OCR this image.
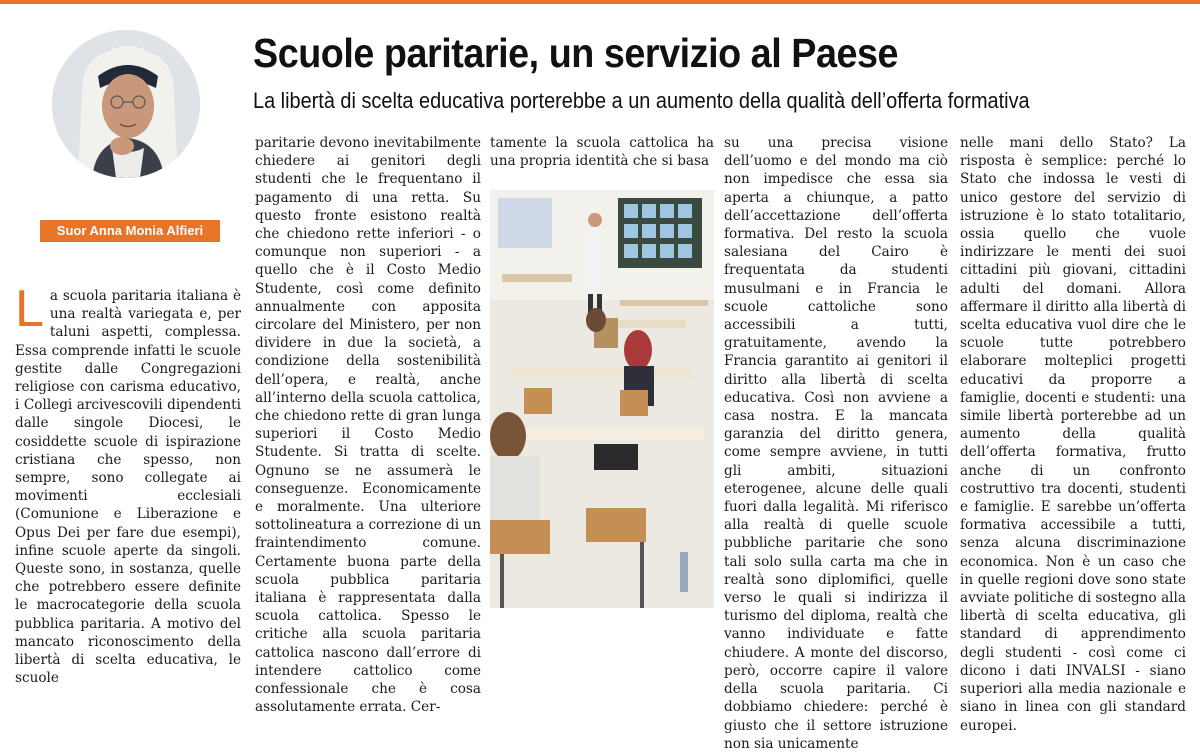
Suor Anna Monia Alfieri
Scuole paritarie, un servizio al Paese
La libertà di scelta educativa porterebbe a un aumento della qualità dell’offerta formativa
L a scuola paritaria italiana è una realtà variegata e, per taluni aspetti, complessa. Essa comprende infatti le scuole gestite dalle Congregazioni religiose con carisma educativo, i Collegi arcivescovili dipendenti dalle singole Diocesi, le cosiddette scuole di ispirazione cristiana che spesso, non sempre, sono collegate ai movimenti ecclesiali (Comunione e Liberazione e Opus Dei per fare due esempi), infine scuole aperte da singoli. Queste sono, in sostanza, quelle che potrebbero essere definite le macrocategorie della scuola pubblica paritaria. A motivo del mancato riconoscimento della libertà di scelta educativa, le scuole

paritarie devono inevitabilmente chiedere ai genitori degli studenti che le frequentano il pagamento di una retta. Su questo fronte esistono realtà che chiedono rette inferiori - o comunque non superiori - a quello che è il Costo Medio Studente, così come definito annualmente con apposita circolare del Ministero, per non dividere in due la società, a condizione della sostenibilità dell’opera, e realtà, anche all’interno della scuola cattolica, che chiedono rette di gran lunga superiori il Costo Medio Studente. Si tratta di scelte. Ognuno se ne assumerà le conseguenze. Economicamente e moralmente. Una ulteriore sottolineatura a correzione di un fraintendimento comune. Certamente buona parte della scuola pubblica paritaria italiana è rappresentata dalla scuola cattolica. Spesso le critiche alla scuola paritaria cattolica nascono dall’errore di intendere cattolico come confessionale che è cosa assolutamente errata. Cer-

tamente la scuola cattolica ha una propria identità che si basa

su una precisa visione dell’uomo e del mondo ma ciò non impedisce che essa sia aperta a chiunque, a patto dell’accettazione dell’offerta formativa. Del resto la scuola salesiana del Cairo è frequentata da studenti musulmani e in Francia le scuole cattoliche sono accessibili a tutti, gratuitamente, avendo la Francia garantito ai genitori il diritto alla libertà di scelta educativa. Così non avviene a casa nostra. E la mancata garanzia del diritto genera, come sempre avviene, in tutti gli ambiti, situazioni eterogenee, alcune delle quali fuori dalla legalità. Mi riferisco alla realtà di quelle scuole pubbliche paritarie che sono tali solo sulla carta ma che in realtà sono diplomifici, quelle verso le quali si indirizza il turismo del diploma, realtà che vanno individuate e fatte chiudere. A monte del discorso, però, occorre capire il valore della scuola paritaria. Ci dobbiamo chiedere: perché è giusto che il settore istruzione non sia unicamente

nelle mani dello Stato? La risposta è semplice: perché lo Stato che indossa le vesti di unico gestore del servizio di istruzione è lo stato totalitario, ossia quello che vuole indirizzare le menti dei suoi cittadini più giovani, cittadini adulti del domani. Allora affermare il diritto alla libertà di scelta educativa vuol dire che le scuole tutte potrebbero elaborare molteplici progetti educativi da proporre a famiglie, docenti e studenti: una simile libertà porterebbe ad un aumento della qualità dell’offerta formativa, frutto anche di un confronto costruttivo tra docenti, studenti e famiglie. E sarebbe un’offerta formativa accessibile a tutti, senza alcuna discriminazione economica. Non è un caso che in quelle regioni dove sono state avviate politiche di sostegno alla libertà di scelta educativa, gli standard di apprendimento degli studenti - così come ci dicono i dati INVALSI - siano superiori alla media nazionale e siano in linea con gli standard europei.
